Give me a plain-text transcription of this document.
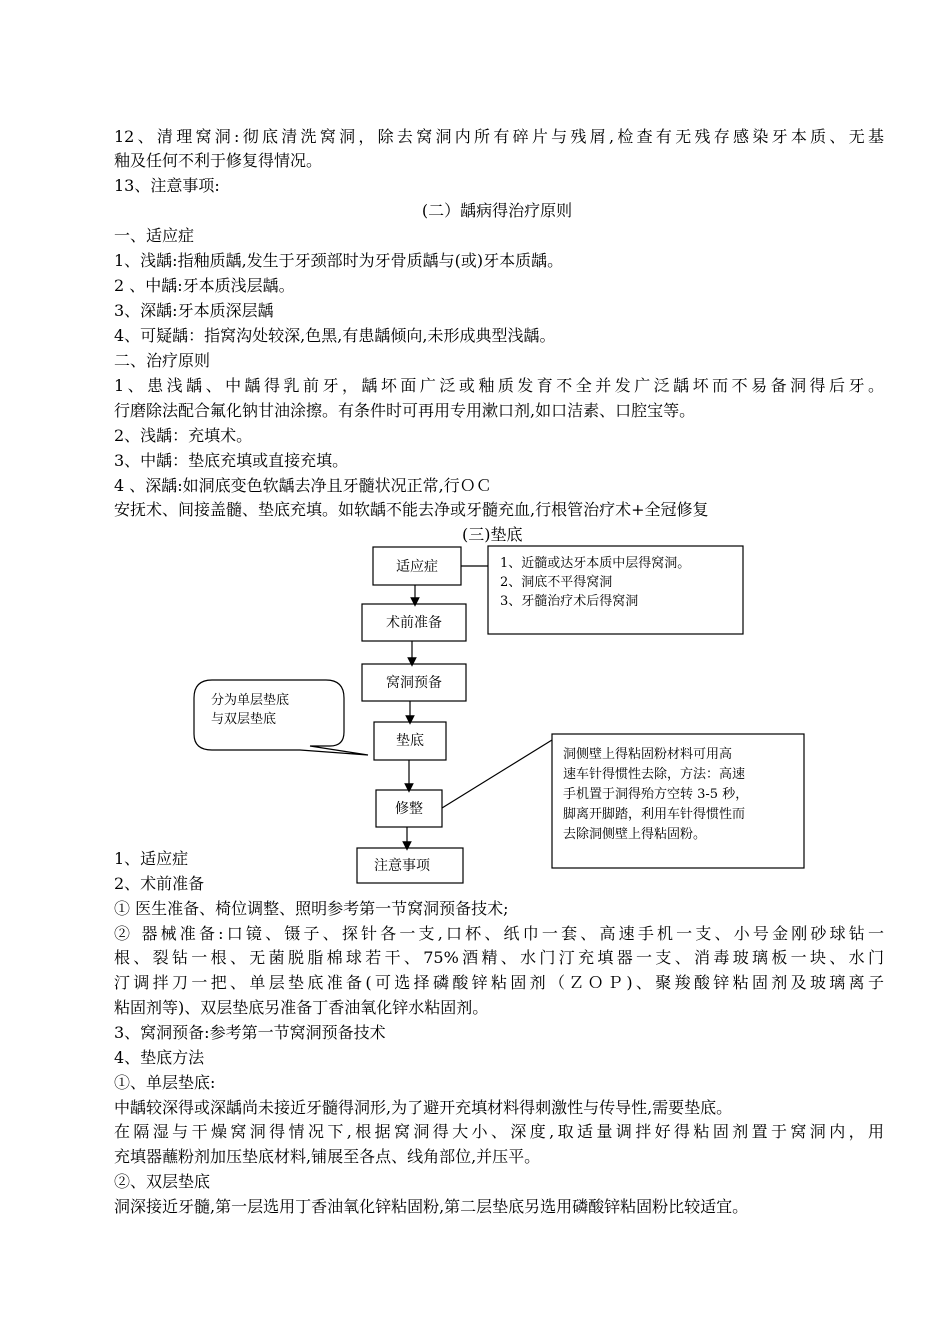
12、清理窝洞:彻底清洗窝洞，除去窝洞内所有碎片与残屑,检查有无残存感染牙本质、无基
釉及任何不利于修复得情况。
13、注意事项:
(二）龋病得治疗原则
一、适应症
1、浅龋:指釉质龋,发生于牙颈部时为牙骨质龋与(或)牙本质龋。
2 、中龋:牙本质浅层龋。
3、深龋:牙本质深层龋
4、可疑龋：指窝沟处较深,色黑,有患龋倾向,未形成典型浅龋。
二、治疗原则
1、患浅龋、中龋得乳前牙，龋坏面广泛或釉质发育不全并发广泛龋坏而不易备洞得后牙。
行磨除法配合氟化钠甘油涂擦。有条件时可再用专用漱口剂,如口洁素、口腔宝等。
2、浅龋：充填术。
3、中龋：垫底充填或直接充填。
4 、深龋:如洞底变色软龋去净且牙髓状况正常,行ＯＣ
安抚术、间接盖髓、垫底充填。如软龋不能去净或牙髓充血,行根管治疗术+全冠修复
(三)垫底
适应症
术前准备
窝洞预备
垫底
修整
注意事项
1、近髓或达牙本质中层得窝洞。
2、洞底不平得窝洞
3、牙髓治疗术后得窝洞
分为单层垫底
与双层垫底
洞侧壁上得粘固粉材料可用高
速车针得惯性去除，方法：高速
手机置于洞得殆方空转 3-5 秒，
脚离开脚踏，利用车针得惯性而
去除洞侧壁上得粘固粉。
1、适应症
2、术前准备
① 医生准备、椅位调整、照明参考第一节窝洞预备技术;
② 器械准备:口镜、镊子、探针各一支,口杯、纸巾一套、高速手机一支、小号金刚砂球钻一
根、裂钻一根、无菌脱脂棉球若干、75%酒精、水门汀充填器一支、消毒玻璃板一块、水门
汀调拌刀一把、单层垫底准备(可选择磷酸锌粘固剂（ＺＯＰ)、聚羧酸锌粘固剂及玻璃离子
粘固剂等)、双层垫底另准备丁香油氧化锌水粘固剂。
3、窝洞预备:参考第一节窝洞预备技术
4、垫底方法
①、单层垫底:
中龋较深得或深龋尚未接近牙髓得洞形,为了避开充填材料得刺激性与传导性,需要垫底。
在隔湿与干燥窝洞得情况下,根据窝洞得大小、深度,取适量调拌好得粘固剂置于窝洞内，用
充填器蘸粉剂加压垫底材料,铺展至各点、线角部位,并压平。
②、双层垫底
洞深接近牙髓,第一层选用丁香油氧化锌粘固粉,第二层垫底另选用磷酸锌粘固粉比较适宜。
